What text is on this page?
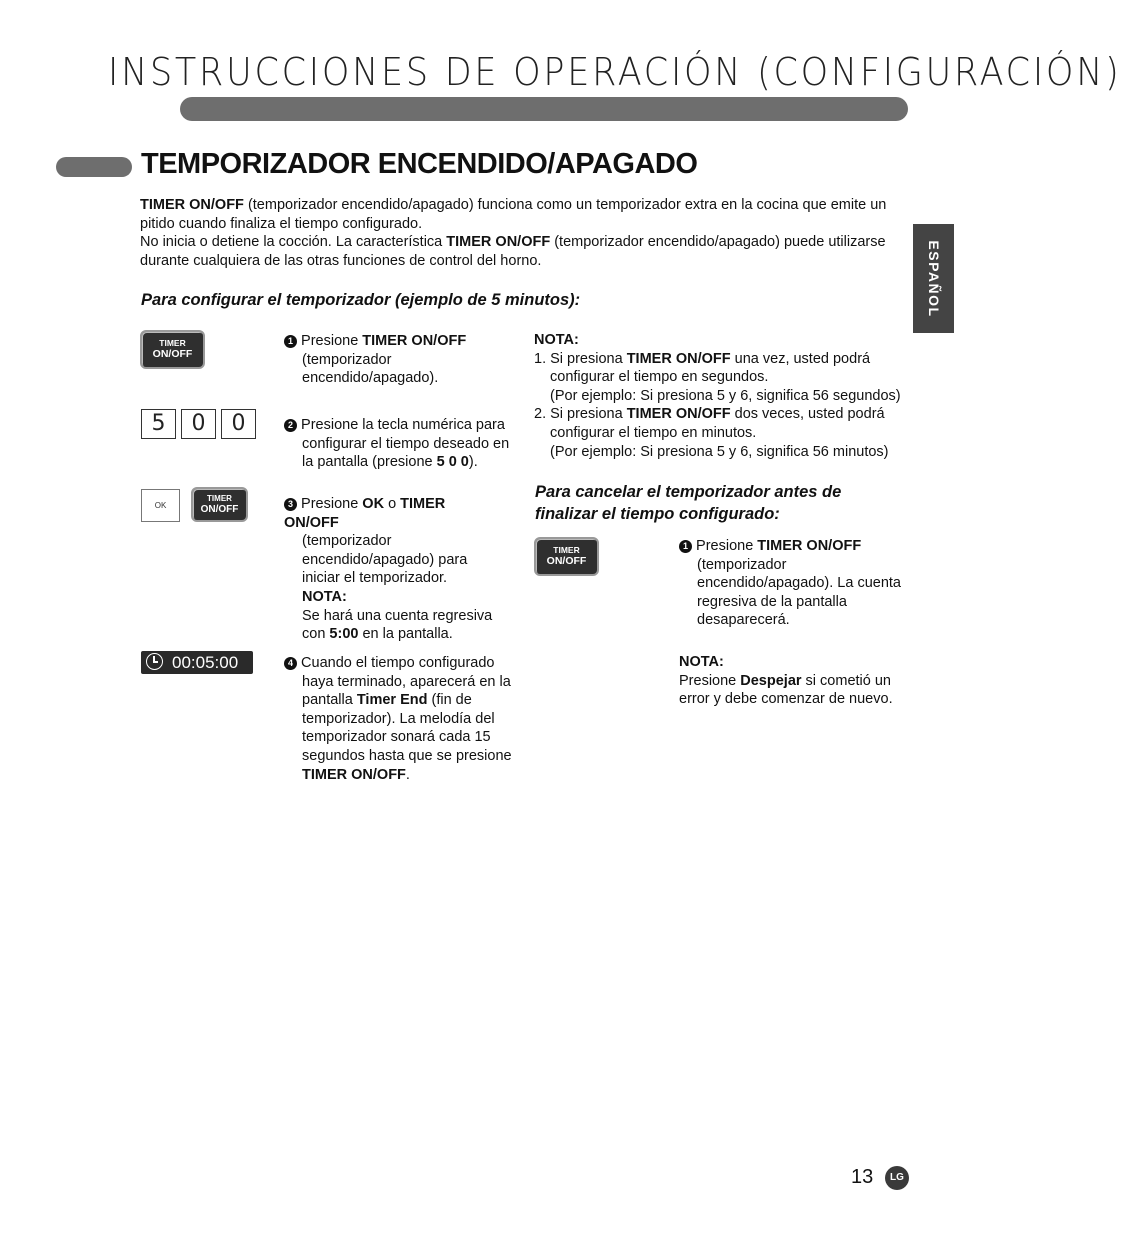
INSTRUCCIONES DE OPERACIÓN (CONFIGURACIÓN)
TEMPORIZADOR ENCENDIDO/APAGADO
TIMER ON/OFF (temporizador encendido/apagado) funciona como un temporizador extra en la cocina que emite un pitido cuando finaliza el tiempo configurado.
No inicia o detiene la cocción. La característica TIMER ON/OFF (temporizador encendido/apagado) puede utilizarse durante cualquiera de las otras funciones de control del horno.
Para configurar el temporizador (ejemplo de 5 minutos):	ESPAÑOL
TIMER
ON/OFF
5	0	0
OK
TIMER
ON/OFF
00:05:00
1 Presione TIMER ON/OFF
(temporizador encendido/apagado).
2 Presione la tecla numérica para configurar el tiempo deseado en la pantalla (presione 5 0 0).
3 Presione OK o TIMER ON/OFF
(temporizador encendido/apagado) para iniciar el temporizador.
NOTA:
Se hará una cuenta regresiva con 5:00 en la pantalla.
4 Cuando el tiempo configurado haya terminado, aparecerá en la pantalla Timer End (fin de temporizador). La melodía del temporizador sonará cada 15 segundos hasta que se presione TIMER ON/OFF.
NOTA:
1. Si presiona TIMER ON/OFF una vez, usted podrá configurar el tiempo en segundos.
(Por ejemplo: Si presiona 5 y 6, significa 56 segundos)
2. Si presiona TIMER ON/OFF dos veces, usted podrá configurar el tiempo en minutos.
(Por ejemplo: Si presiona 5 y 6, significa 56 minutos)
Para cancelar el temporizador antes de finalizar el tiempo configurado:
TIMER
ON/OFF
1 Presione TIMER ON/OFF
(temporizador encendido/apagado). La cuenta regresiva de la pantalla desaparecerá.
NOTA:
Presione Despejar si cometió un error y debe comenzar de nuevo.
13	LG
